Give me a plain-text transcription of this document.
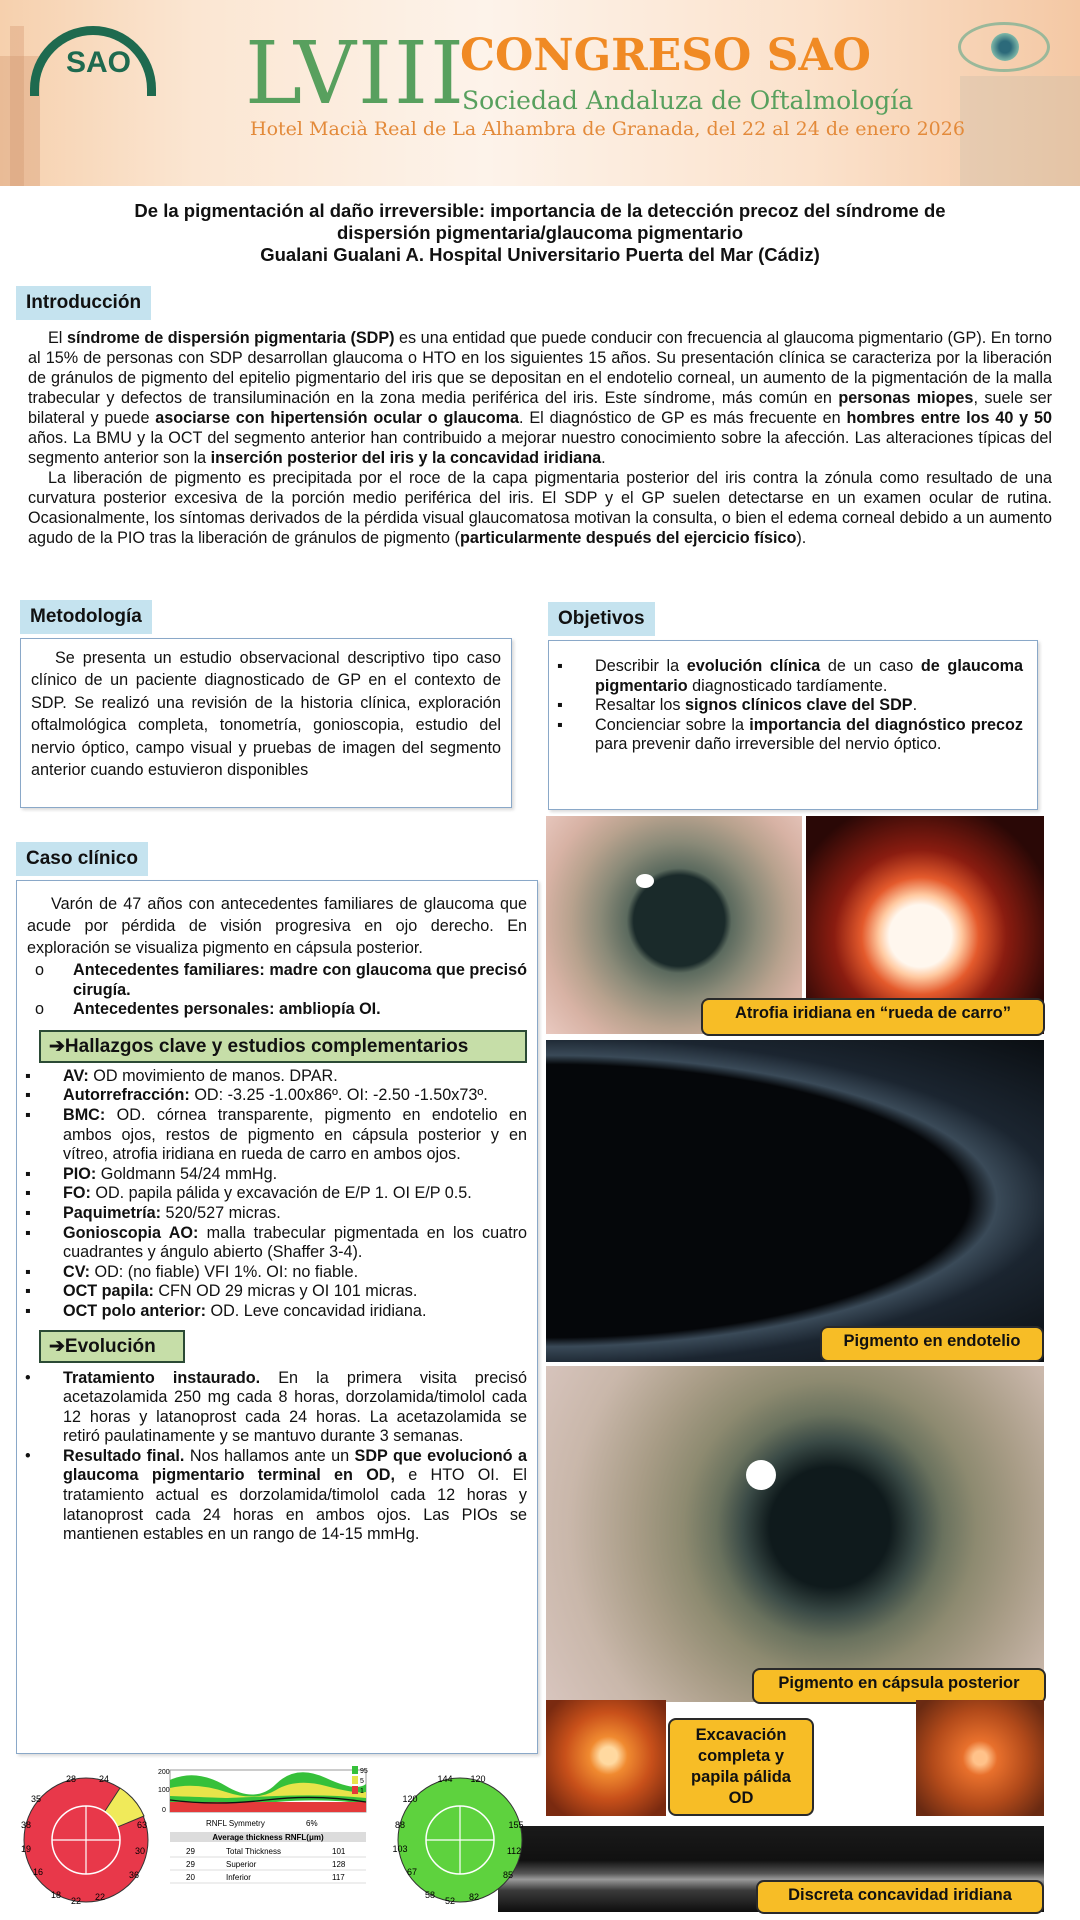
SAO LVIII
CONGRESO SAO
Sociedad Andaluza de Oftalmología
Hotel Macià Real de La Alhambra de Granada, del 22 al 24 de enero 2026
De la pigmentación al daño irreversible: importancia de la detección precoz del síndrome de
dispersión pigmentaria/glaucoma pigmentario
Gualani Gualani A. Hospital Universitario Puerta del Mar (Cádiz)
Introducción

El síndrome de dispersión pigmentaria (SDP) es una entidad que puede conducir con frecuencia al glaucoma pigmentario (GP). En torno al 15% de personas con SDP desarrollan glaucoma o HTO en los siguientes 15 años. Su presentación clínica se caracteriza por la liberación de gránulos de pigmento del epitelio pigmentario del iris que se depositan en el endotelio corneal, un aumento de la pigmentación de la malla trabecular y defectos de transiluminación en la zona media periférica del iris. Este síndrome, más común en personas miopes, suele ser bilateral y puede asociarse con hipertensión ocular o glaucoma. El diagnóstico de GP es más frecuente en hombres entre los 40 y 50 años. La BMU y la OCT del segmento anterior han contribuido a mejorar nuestro conocimiento sobre la afección. Las alteraciones típicas del segmento anterior son la inserción posterior del iris y la concavidad iridiana.

La liberación de pigmento es precipitada por el roce de la capa pigmentaria posterior del iris contra la zónula como resultado de una curvatura posterior excesiva de la porción medio periférica del iris. El SDP y el GP suelen detectarse en un examen ocular de rutina. Ocasionalmente, los síntomas derivados de la pérdida visual glaucomatosa motivan la consulta, o bien el edema corneal debido a un aumento agudo de la PIO tras la liberación de gránulos de pigmento (particularmente después del ejercicio físico).

Metodología

Se presenta un estudio observacional descriptivo tipo caso clínico de un paciente diagnosticado de GP en el contexto de SDP. Se realizó una revisión de la historia clínica, exploración oftalmológica completa, tonometría, gonioscopia, estudio del nervio óptico, campo visual y pruebas de imagen del segmento anterior cuando estuvieron disponibles

Objetivos
▪ Describir la evolución clínica de un caso de glaucoma pigmentario diagnosticado tardíamente.
▪ Resaltar los signos clínicos clave del SDP.
▪ Concienciar sobre la importancia del diagnóstico precoz para prevenir daño irreversible del nervio óptico.
Caso clínico

Varón de 47 años con antecedentes familiares de glaucoma que acude por pérdida de visión progresiva en ojo derecho. En exploración se visualiza pigmento en cápsula posterior.

o Antecedentes familiares: madre con glaucoma que precisó cirugía.
o Antecedentes personales: ambliopía OI.
➔Hallazgos clave y estudios complementarios
▪ AV: OD movimiento de manos. DPAR.
▪ Autorrefracción: OD: -3.25 -1.00x86º. OI: -2.50 -1.50x73º.
▪ BMC: OD. córnea transparente, pigmento en endotelio en ambos ojos, restos de pigmento en cápsula posterior y en vítreo, atrofia iridiana en rueda de carro en ambos ojos.
▪ PIO: Goldmann 54/24 mmHg.
▪ FO: OD. papila pálida y excavación de E/P 1. OI E/P 0.5.
▪ Paquimetría: 520/527 micras.
▪ Gonioscopia AO: malla trabecular pigmentada en los cuatro cuadrantes y ángulo abierto (Shaffer 3-4).
▪ CV: OD: (no fiable) VFI 1%. OI: no fiable.
▪ OCT papila: CFN OD 29 micras y OI 101 micras.
▪ OCT polo anterior: OD. Leve concavidad iridiana.
➔Evolución
• Tratamiento instaurado. En la primera visita precisó acetazolamida 250 mg cada 8 horas, dorzolamida/timolol cada 12 horas y latanoprost cada 24 horas. La acetazolamida se retiró paulatinamente y se mantuvo durante 3 semanas.
• Resultado final. Nos hallamos ante un SDP que evolucionó a glaucoma pigmentario terminal en OD, e HTO OI. El tratamiento actual es dorzolamida/timolol cada 12 horas y latanoprost cada 24 horas en ambos ojos. Las PIOs se mantienen estables en un rango de 14-15 mmHg.
Atrofia iridiana en “rueda de carro”
Pigmento en endotelio
Pigmento en cápsula posterior
Excavación completa y papila pálida OD
Discreta concavidad iridiana
28	24
35
38
19
16
18
22 22
36
30
63
200
100
0
95
5
1
RNFL Symmetry	6%
Average thickness RNFL(μm)
29	Total Thickness	101
29	Superior	128
20	Inferior	117
144 120
120
88
103
67
58
52 82
85
112
155
